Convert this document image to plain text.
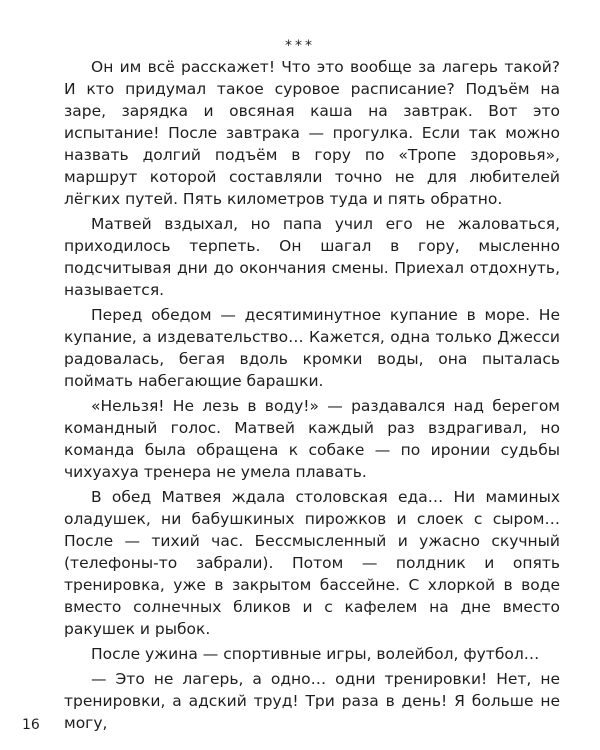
***

Он им всё расскажет! Что это вообще за лагерь такой? И кто придумал такое суровое расписание? Подъём на заре, зарядка и овсяная каша на завтрак. Вот это испытание! После завтрака — прогулка. Если так можно назвать долгий подъём в гору по «Тропе здоровья», маршрут которой составляли точно не для любителей лёгких путей. Пять километров туда и пять обратно.

Матвей вздыхал, но папа учил его не жаловаться, приходилось терпеть. Он шагал в гору, мысленно подсчитывая дни до окончания смены. Приехал отдохнуть, называется.

Перед обедом — десятиминутное купание в море. Не купание, а издевательство… Кажется, одна только Джесси радовалась, бегая вдоль кромки воды, она пыталась поймать набегающие барашки.

«Нельзя! Не лезь в воду!» — раздавался над берегом командный голос. Матвей каждый раз вздрагивал, но команда была обращена к собаке — по иронии судьбы чихуахуа тренера не умела плавать.

В обед Матвея ждала столовская еда… Ни маминых оладушек, ни бабушкиных пирожков и слоек с сыром… После — тихий час. Бессмысленный и ужасно скучный (телефоны-то забрали). Потом — полдник и опять тренировка, уже в закрытом бассейне. С хлоркой в воде вместо солнечных бликов и с кафелем на дне вместо ракушек и рыбок.

После ужина — спортивные игры, волейбол, футбол…

— Это не лагерь, а одно… одни тренировки! Нет, не тренировки, а адский труд! Три раза в день! Я больше не могу,

16
